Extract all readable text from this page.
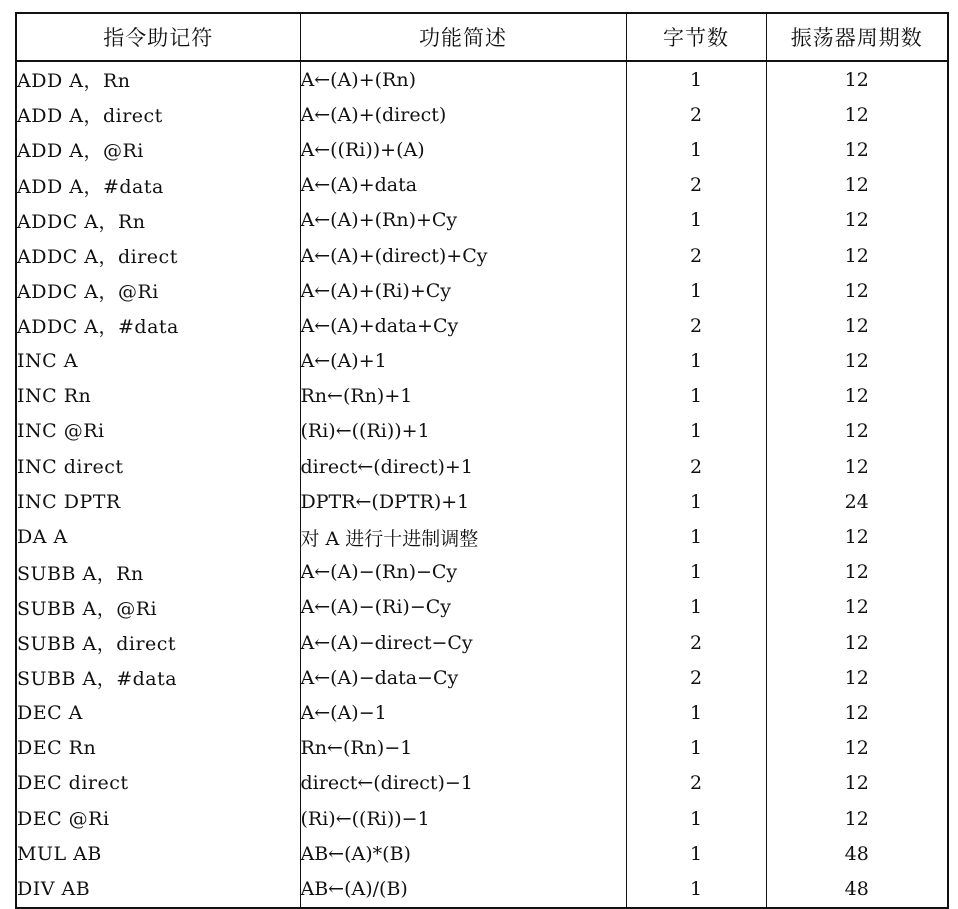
指令助记符	功能简述	字节数	振荡器周期数
ADD A，Rn	A←(A)+(Rn)	1	12
ADD A，direct	A←(A)+(direct)	2	12
ADD A，@Ri	A←((Ri))+(A)	1	12
ADD A，#data	A←(A)+data	2	12
ADDC A，Rn	A←(A)+(Rn)+Cy	1	12
ADDC A，direct	A←(A)+(direct)+Cy	2	12
ADDC A，@Ri	A←(A)+(Ri)+Cy	1	12
ADDC A，#data	A←(A)+data+Cy	2	12
INC A	A←(A)+1	1	12
INC Rn	Rn←(Rn)+1	1	12
INC @Ri	(Ri)←((Ri))+1	1	12
INC direct	direct←(direct)+1	2	12
INC DPTR	DPTR←(DPTR)+1	1	24
DA A	对 A 进行十进制调整	1	12
SUBB A，Rn	A←(A)−(Rn)−Cy	1	12
SUBB A，@Ri	A←(A)−(Ri)−Cy	1	12
SUBB A，direct	A←(A)−direct−Cy	2	12
SUBB A，#data	A←(A)−data−Cy	2	12
DEC A	A←(A)−1	1	12
DEC Rn	Rn←(Rn)−1	1	12
DEC direct	direct←(direct)−1	2	12
DEC @Ri	(Ri)←((Ri))−1	1	12
MUL AB	AB←(A)*(B)	1	48
DIV AB	AB←(A)/(B)	1	48
